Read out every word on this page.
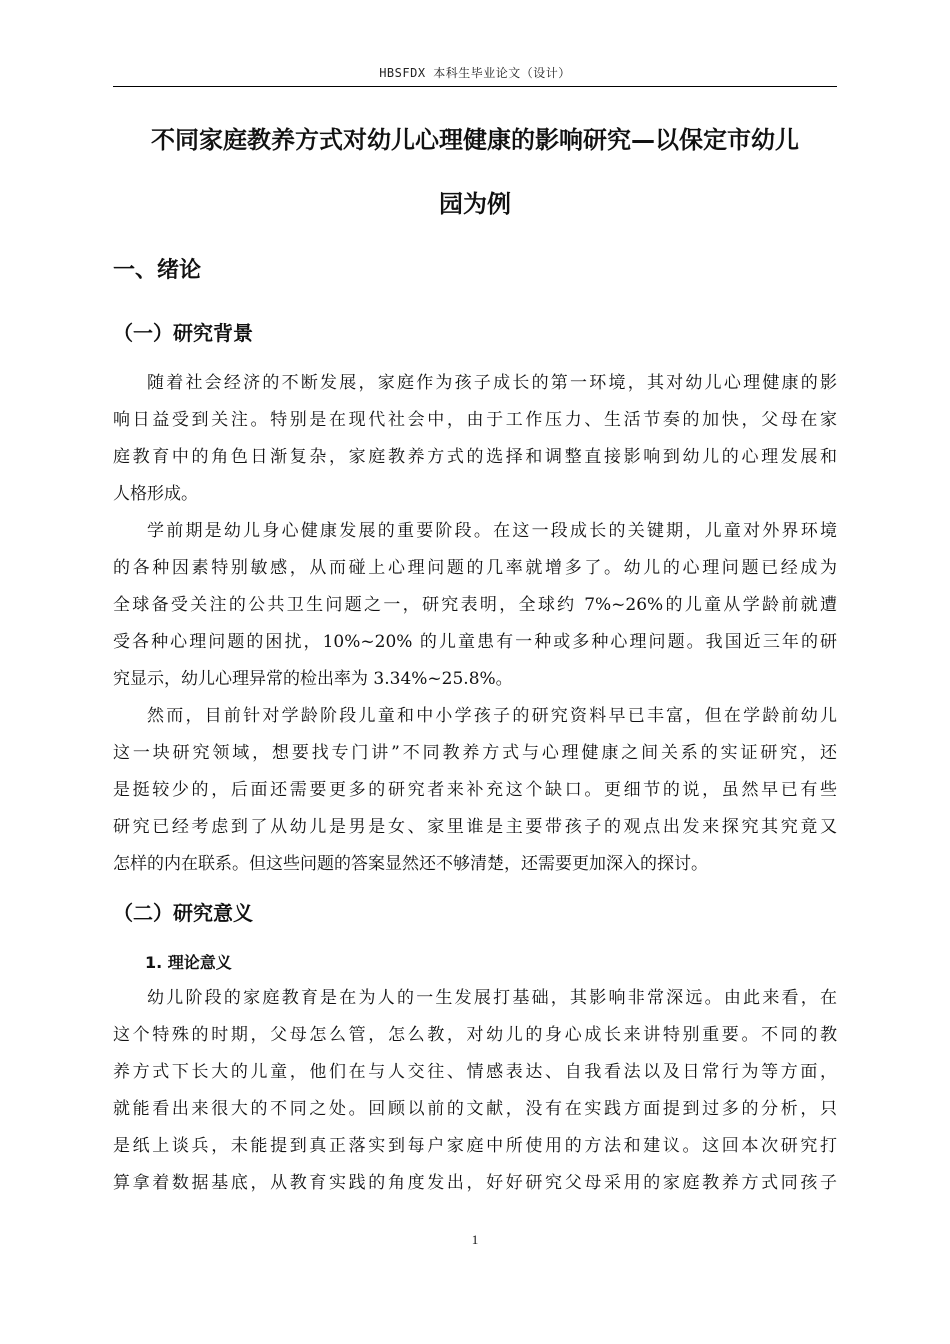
HBSFDX 本科生毕业论文（设计）
不同家庭教养方式对幼儿心理健康的影响研究—以保定市幼儿
园为例
一、绪论
（一）研究背景
随着社会经济的不断发展，家庭作为孩子成长的第一环境，其对幼儿心理健康的影
响日益受到关注。特别是在现代社会中，由于工作压力、生活节奏的加快，父母在家
庭教育中的角色日渐复杂，家庭教养方式的选择和调整直接影响到幼儿的心理发展和
人格形成。
学前期是幼儿身心健康发展的重要阶段。在这一段成长的关键期，儿童对外界环境
的各种因素特别敏感，从而碰上心理问题的几率就增多了。幼儿的心理问题已经成为
全球备受关注的公共卫生问题之一，研究表明，全球约 7%~26%的儿童从学龄前就遭
受各种心理问题的困扰，10%~20% 的儿童患有一种或多种心理问题。我国近三年的研
究显示，幼儿心理异常的检出率为 3.34%~25.8%。
然而，目前针对学龄阶段儿童和中小学孩子的研究资料早已丰富，但在学龄前幼儿
这一块研究领域，想要找专门讲”不同教养方式与心理健康之间关系的实证研究，还
是挺较少的，后面还需要更多的研究者来补充这个缺口。更细节的说，虽然早已有些
研究已经考虑到了从幼儿是男是女、家里谁是主要带孩子的观点出发来探究其究竟又
怎样的内在联系。但这些问题的答案显然还不够清楚，还需要更加深入的探讨。
（二）研究意义
1. 理论意义
幼儿阶段的家庭教育是在为人的一生发展打基础，其影响非常深远。由此来看，在
这个特殊的时期，父母怎么管，怎么教，对幼儿的身心成长来讲特别重要。不同的教
养方式下长大的儿童，他们在与人交往、情感表达、自我看法以及日常行为等方面，
就能看出来很大的不同之处。回顾以前的文献，没有在实践方面提到过多的分析，只
是纸上谈兵，未能提到真正落实到每户家庭中所使用的方法和建议。这回本次研究打
算拿着数据基底，从教育实践的角度发出，好好研究父母采用的家庭教养方式同孩子
1
